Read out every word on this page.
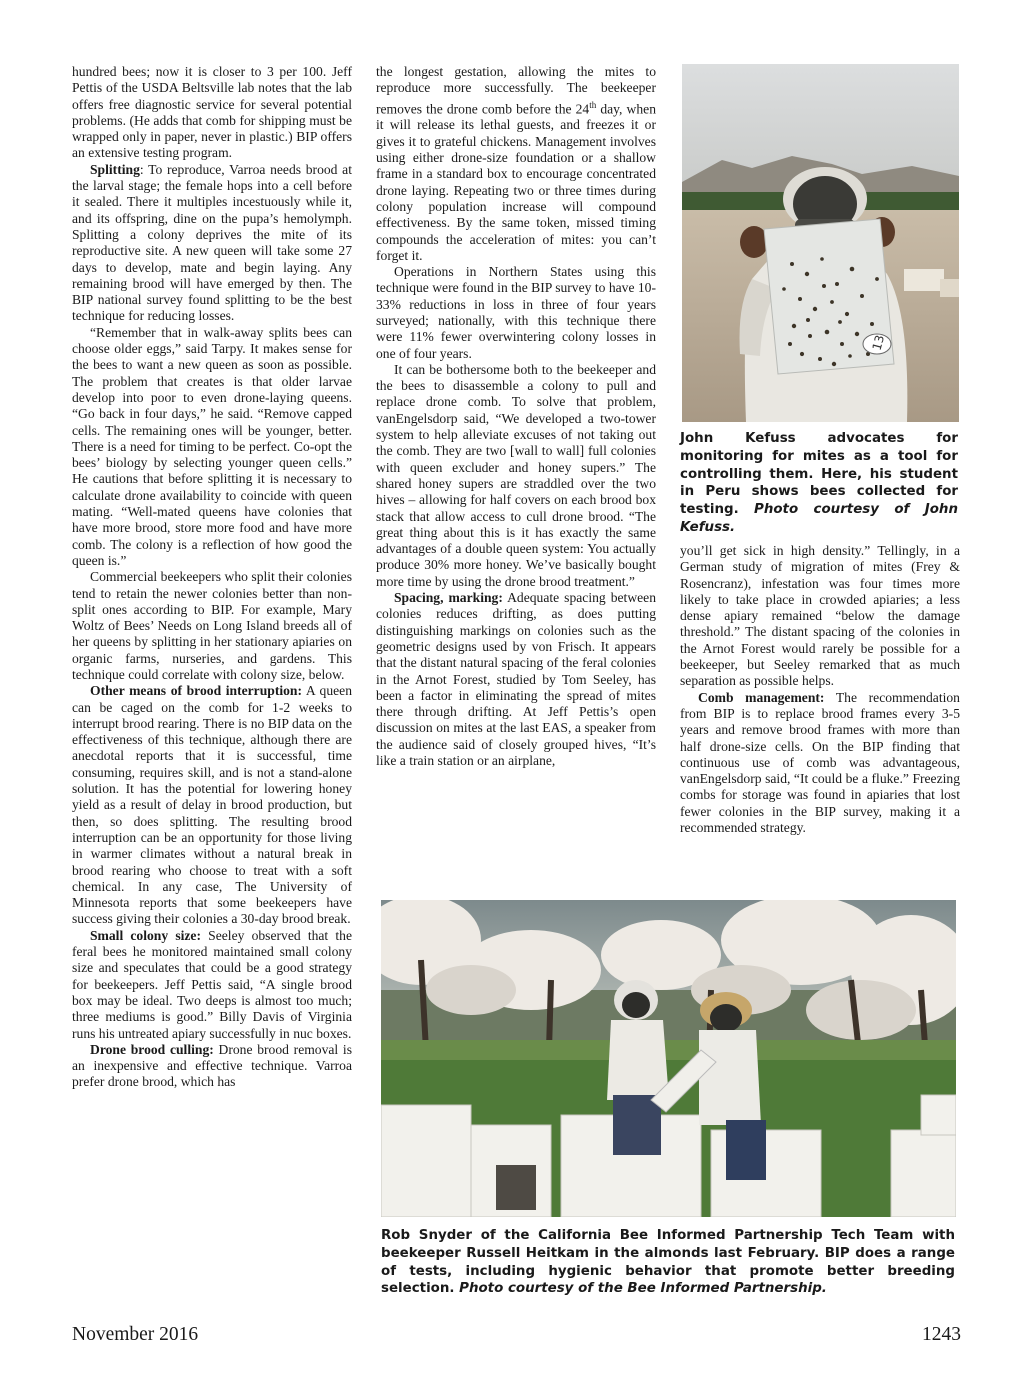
hundred bees; now it is closer to 3 per 100. Jeff Pettis of the USDA Beltsville lab notes that the lab offers free diagnostic service for several potential problems. (He adds that comb for shipping must be wrapped only in paper, never in plastic.) BIP offers an extensive testing program.

Splitting: To reproduce, Varroa needs brood at the larval stage; the female hops into a cell before it sealed. There it multiples incestuously while it, and its offspring, dine on the pupa’s hemolymph. Splitting a colony deprives the mite of its reproductive site. A new queen will take some 27 days to develop, mate and begin laying. Any remaining brood will have emerged by then. The BIP national survey found splitting to be the best technique for reducing losses.

“Remember that in walk-away splits bees can choose older eggs,” said Tarpy. It makes sense for the bees to want a new queen as soon as possible. The problem that creates is that older larvae develop into poor to even drone-laying queens. “Go back in four days,” he said. “Remove capped cells. The remaining ones will be younger, better. There is a need for timing to be perfect. Co-opt the bees’ biology by selecting younger queen cells.” He cautions that before splitting it is necessary to calculate drone availability to coincide with queen mating. “Well-mated queens have colonies that have more brood, store more food and have more comb. The colony is a reflection of how good the queen is.”

Commercial beekeepers who split their colonies tend to retain the newer colonies better than non-split ones according to BIP. For example, Mary Woltz of Bees’ Needs on Long Island breeds all of her queens by splitting in her stationary apiaries on organic farms, nurseries, and gardens. This technique could correlate with colony size, below.

Other means of brood interruption: A queen can be caged on the comb for 1-2 weeks to interrupt brood rearing. There is no BIP data on the effectiveness of this technique, although there are anecdotal reports that it is successful, time consuming, requires skill, and is not a stand-alone solution. It has the potential for lowering honey yield as a result of delay in brood production, but then, so does splitting. The resulting brood interruption can be an opportunity for those living in warmer climates without a natural break in brood rearing who choose to treat with a soft chemical. In any case, The University of Minnesota reports that some beekeepers have success giving their colonies a 30-day brood break.

Small colony size: Seeley observed that the feral bees he monitored maintained small colony size and speculates that could be a good strategy for beekeepers. Jeff Pettis said, “A single brood box may be ideal. Two deeps is almost too much; three mediums is good.” Billy Davis of Virginia runs his untreated apiary successfully in nuc boxes.

Drone brood culling: Drone brood removal is an inexpensive and effective technique. Varroa prefer drone brood, which has

the longest gestation, allowing the mites to reproduce more successfully. The beekeeper removes the drone comb before the 24th day, when it will release its lethal guests, and freezes it or gives it to grateful chickens. Management involves using either drone-size foundation or a shallow frame in a standard box to encourage concentrated drone laying. Repeating two or three times during colony population increase will compound effectiveness. By the same token, missed timing compounds the acceleration of mites: you can’t forget it.

Operations in Northern States using this technique were found in the BIP survey to have 10-33% reductions in loss in three of four years surveyed; nationally, with this technique there were 11% fewer overwintering colony losses in one of four years.

It can be bothersome both to the beekeeper and the bees to disassemble a colony to pull and replace drone comb. To solve that problem, vanEngelsdorp said, “We developed a two-tower system to help alleviate excuses of not taking out the comb. They are two [wall to wall] full colonies with queen excluder and honey supers.” The shared honey supers are straddled over the two hives – allowing for half covers on each brood box stack that allow access to cull drone brood. “The great thing about this is it has exactly the same advantages of a double queen system: You actually produce 30% more honey. We’ve basically bought more time by using the drone brood treatment.”

Spacing, marking: Adequate spacing between colonies reduces drifting, as does putting distinguishing markings on colonies such as the geometric designs used by von Frisch. It appears that the distant natural spacing of the feral colonies in the Arnot Forest, studied by Tom Seeley, has been a factor in eliminating the spread of mites there through drifting. At Jeff Pettis’s open discussion on mites at the last EAS, a speaker from the audience said of closely grouped hives, “It’s like a train station or an airplane,

13
John Kefuss advocates for monitoring for mites as a tool for controlling them. Here, his student in Peru shows bees collected for testing. Photo courtesy of John Kefuss.

you’ll get sick in high density.” Tellingly, in a German study of migration of mites (Frey & Rosencranz), infestation was four times more likely to take place in crowded apiaries; a less dense apiary remained “below the damage threshold.” The distant spacing of the colonies in the Arnot Forest would rarely be possible for a beekeeper, but Seeley remarked that as much separation as possible helps.

Comb management: The recommendation from BIP is to replace brood frames every 3-5 years and remove brood frames with more than half drone-size cells. On the BIP finding that continuous use of comb was advantageous, vanEngelsdorp said, “It could be a fluke.” Freezing combs for storage was found in apiaries that lost fewer colonies in the BIP survey, making it a recommended strategy.

Rob Snyder of the California Bee Informed Partnership Tech Team with beekeeper Russell Heitkam in the almonds last February. BIP does a range of tests, including hygienic behavior that promote better breeding selection. Photo courtesy of the Bee Informed Partnership.
November 2016	1243
